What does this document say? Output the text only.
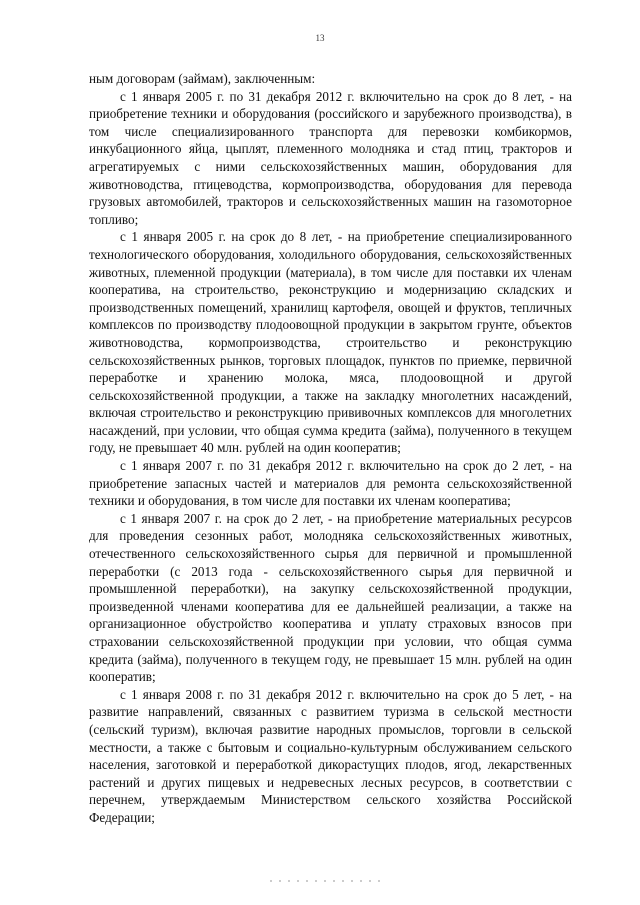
13

ным договорам (займам), заключенным:

с 1 января 2005 г. по 31 декабря 2012 г. включительно на срок до 8 лет, - на приобретение техники и оборудования (российского и зарубежного производства), в том числе специализированного транспорта для перевозки комбикормов, инкубационного яйца, цыплят, племенного молодняка и стад птиц, тракторов и агрегатируемых с ними сельскохозяйственных машин, оборудования для животноводства, птицеводства, кормопроизводства, оборудования для перевода грузовых автомобилей, тракторов и сельскохозяйственных машин на газомоторное топливо;

с 1 января 2005 г. на срок до 8 лет, - на приобретение специализированного технологического оборудования, холодильного оборудования, сельскохозяйственных животных, племенной продукции (материала), в том числе для поставки их членам кооператива, на строительство, реконструкцию и модернизацию складских и производственных помещений, хранилищ картофеля, овощей и фруктов, тепличных комплексов по производству плодоовощной продукции в закрытом грунте, объектов животноводства, кормопроизводства, строительство и реконструкцию сельскохозяйственных рынков, торговых площадок, пунктов по приемке, первичной переработке и хранению молока, мяса, плодоовощной и другой сельскохозяйственной продукции, а также на закладку многолетних насаждений, включая строительство и реконструкцию прививочных комплексов для многолетних насаждений, при условии, что общая сумма кредита (займа), полученного в текущем году, не превышает 40 млн. рублей на один кооператив;

с 1 января 2007 г. по 31 декабря 2012 г. включительно на срок до 2 лет, - на приобретение запасных частей и материалов для ремонта сельскохозяйственной техники и оборудования, в том числе для поставки их членам кооператива;

с 1 января 2007 г. на срок до 2 лет, - на приобретение материальных ресурсов для проведения сезонных работ, молодняка сельскохозяйственных животных, отечественного сельскохозяйственного сырья для первичной и промышленной переработки (с 2013 года - сельскохозяйственного сырья для первичной и промышленной переработки), на закупку сельскохозяйственной продукции, произведенной членами кооператива для ее дальнейшей реализации, а также на организационное обустройство кооператива и уплату страховых взносов при страховании сельскохозяйственной продукции при условии, что общая сумма кредита (займа), полученного в текущем году, не превышает 15 млн. рублей на один кооператив;

с 1 января 2008 г. по 31 декабря 2012 г. включительно на срок до 5 лет, - на развитие направлений, связанных с развитием туризма в сельской местности (сельский туризм), включая развитие народных промыслов, торговли в сельской местности, а также с бытовым и социально-культурным обслуживанием сельского населения, заготовкой и переработкой дикорастущих плодов, ягод, лекарственных растений и других пищевых и недревесных лесных ресурсов, в соответствии с перечнем, утверждаемым Министерством сельского хозяйства Российской Федерации;
